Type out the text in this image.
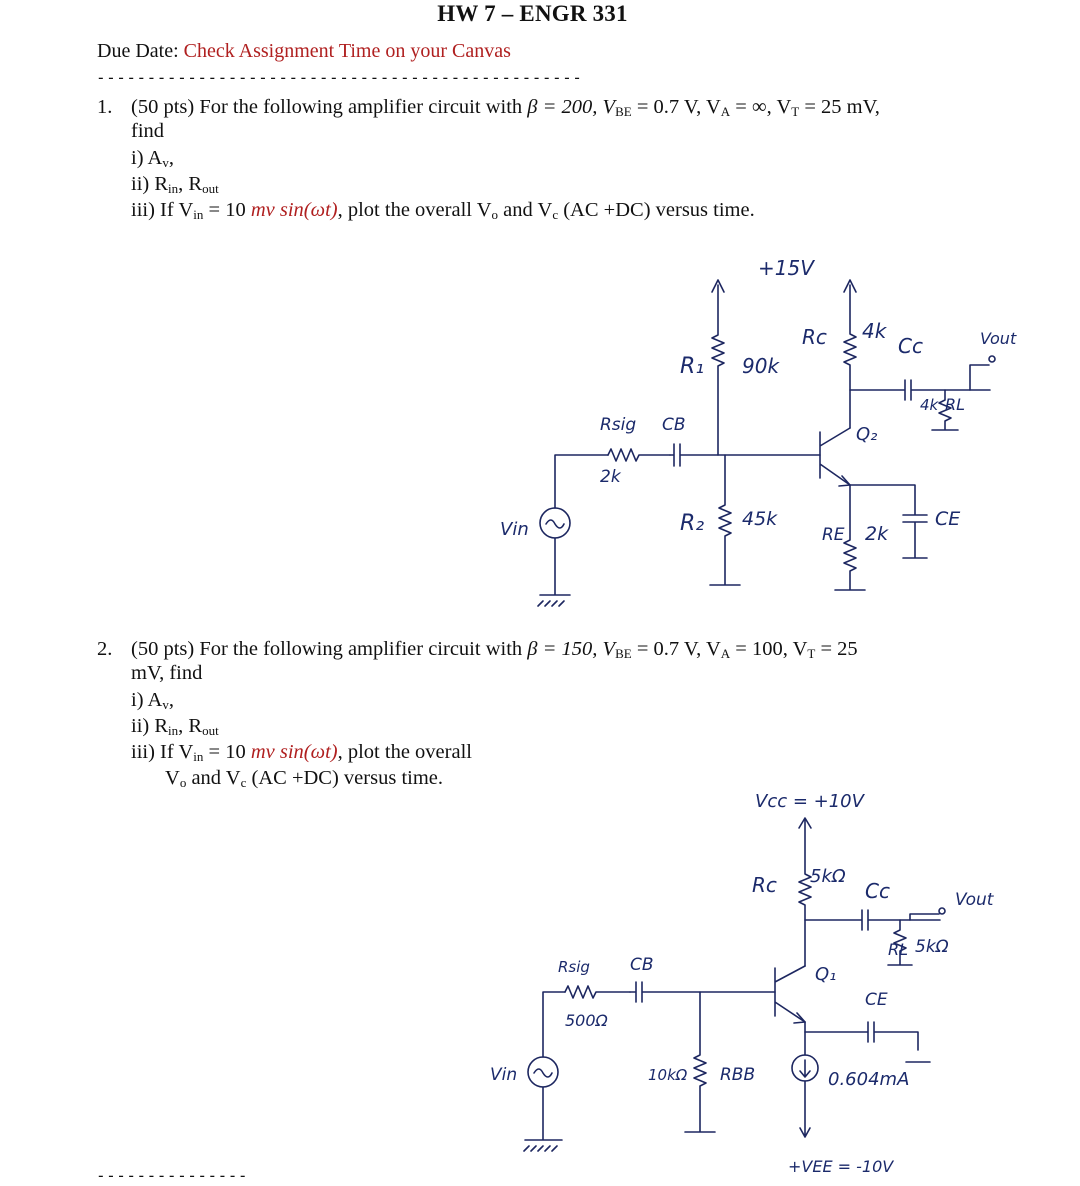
HW 7 – ENGR 331
Due Date: Check Assignment Time on your Canvas
------------------------------------------------
1. (50 pts) For the following amplifier circuit with β = 200, $V_{BE} = 0.7$ V, $V_A$ = ∞, $V_T = 25$ mV,
find
i) $A_v$,
ii) $R_{in}$, $R_{out}$
iii) If $V_{in} = 10$ mv sin(ωt), plot the overall $V_o$ and $V_c$ (AC +DC) versus time.
+15V
R₁ 90k
Rc 4k
Cc	Vout
RL
4k
Q₂
Rsig
2k
CB
R₂ 45k
RE 2k
CE
Vin
2. (50 pts) For the following amplifier circuit with β = 150, $V_{BE} = 0.7$ V, $V_A = 100$, $V_T = 25$
mV, find
i) $A_v$,
ii) $R_{in}$, $R_{out}$
iii) If $V_{in} = 10$ mv sin(ωt), plot the overall
$V_o$ and $V_c$ (AC +DC) versus time.
Vcc = +10V
Rc 5kΩ
Cc	Vout
RL 5kΩ
Q₁
Rsig
500Ω
CB
CE
RBB
10kΩ	0.604mA
+VEE = -10V
Vin
---------------
